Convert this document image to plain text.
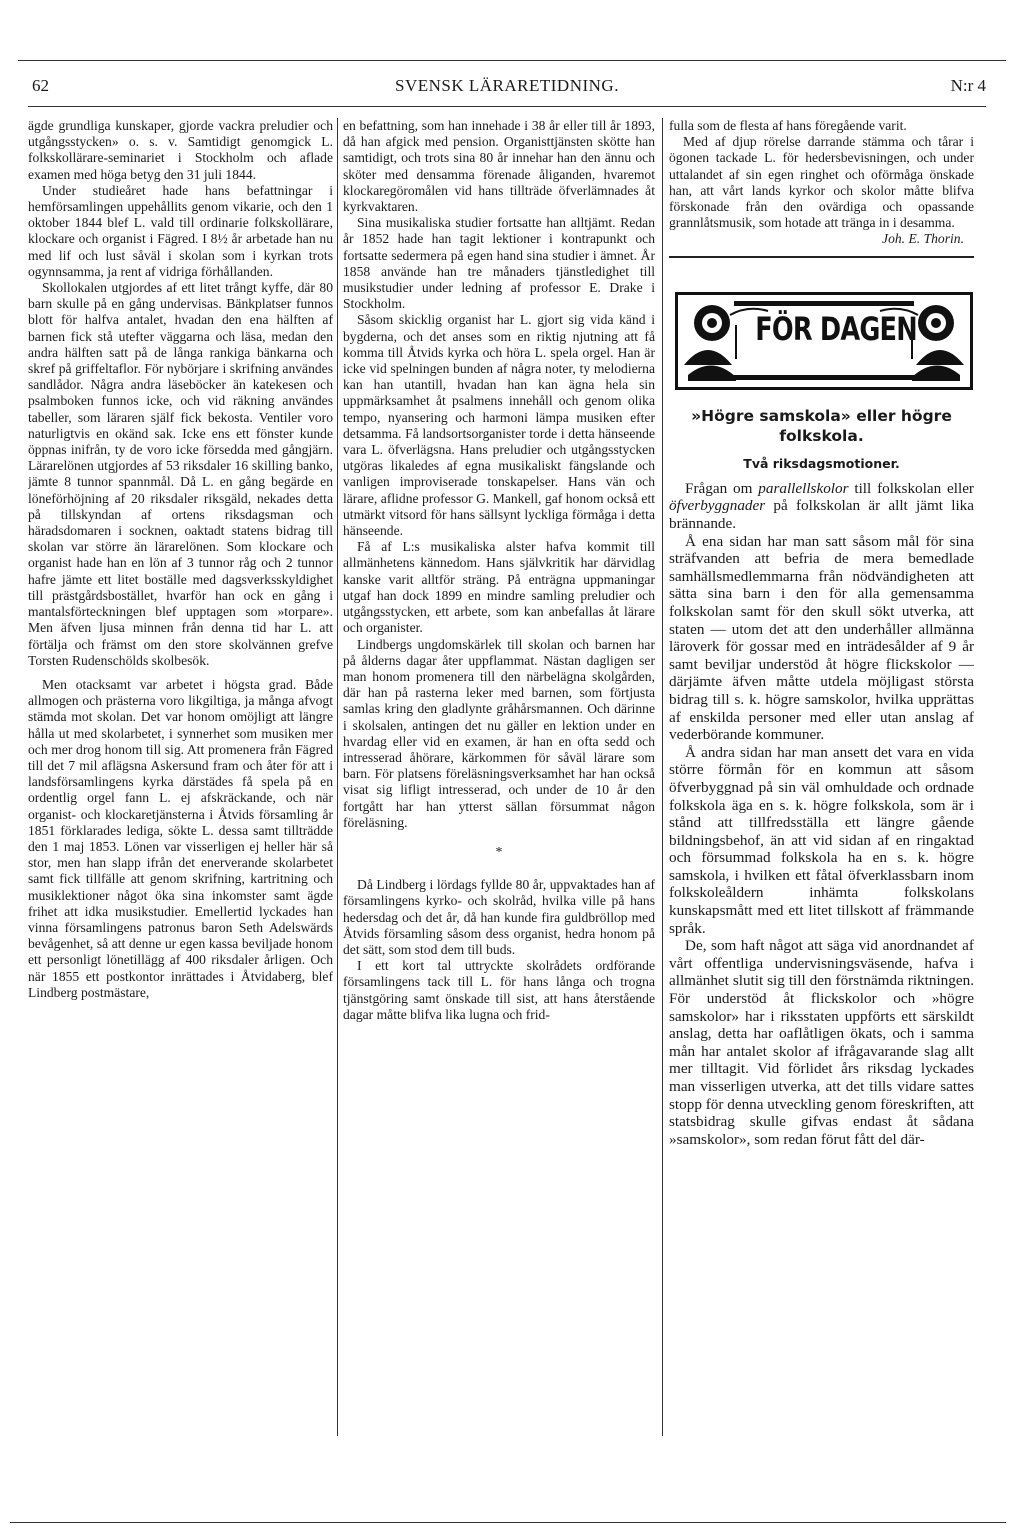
62	SVENSK LÄRARETIDNING.	N:r 4

ägde grundliga kunskaper, gjorde vackra preludier och utgångsstycken» o. s. v. Samtidigt genomgick L. folkskollärare-seminariet i Stockholm och aflade examen med höga betyg den 31 juli 1844.

Under studieåret hade hans befattningar i hemförsamlingen uppehållits genom vikarie, och den 1 oktober 1844 blef L. vald till ordinarie folkskollärare, klockare och organist i Fägred. I 8½ år arbetade han nu med lif och lust såväl i skolan som i kyrkan trots ogynnsamma, ja rent af vidriga förhållanden.

Skollokalen utgjordes af ett litet trångt kyffe, där 80 barn skulle på en gång undervisas. Bänkplatser funnos blott för halfva antalet, hvadan den ena hälften af barnen fick stå utefter väggarna och läsa, medan den andra hälften satt på de långa rankiga bänkarna och skref på griffeltaflor. För nybörjare i skrifning användes sandlådor. Några andra läseböcker än katekesen och psalmboken funnos icke, och vid räkning användes tabeller, som läraren själf fick bekosta. Ventiler voro naturligtvis en okänd sak. Icke ens ett fönster kunde öppnas inifrån, ty de voro icke försedda med gångjärn. Lärarelönen utgjordes af 53 riksdaler 16 skilling banko, jämte 8 tunnor spannmål. Då L. en gång begärde en löneförhöjning af 20 riksdaler riksgäld, nekades detta på tillskyndan af ortens riksdagsman och häradsdomaren i socknen, oaktadt statens bidrag till skolan var större än lärarelönen. Som klockare och organist hade han en lön af 3 tunnor råg och 2 tunnor hafre jämte ett litet boställe med dagsverksskyldighet till prästgårdsbostället, hvarför han ock en gång i mantalsförteckningen blef upptagen som »torpare». Men äfven ljusa minnen från denna tid har L. att förtälja och främst om den store skolvännen grefve Torsten Rudenschölds skolbesök.

Men otacksamt var arbetet i högsta grad. Både allmogen och prästerna voro likgiltiga, ja många afvogt stämda mot skolan. Det var honom omöjligt att längre hålla ut med skolarbetet, i synnerhet som musiken mer och mer drog honom till sig. Att promenera från Fägred till det 7 mil aflägsna Askersund fram och åter för att i landsförsamlingens kyrka därstädes få spela på en ordentlig orgel fann L. ej afskräckande, och när organist- och klockaretjänsterna i Åtvids församling år 1851 förklarades lediga, sökte L. dessa samt tillträdde den 1 maj 1853. Lönen var visserligen ej heller här så stor, men han slapp ifrån det enerverande skolarbetet samt fick tillfälle att genom skrifning, kartritning och musiklektioner något öka sina inkomster samt ägde frihet att idka musikstudier. Emellertid lyckades han vinna församlingens patronus baron Seth Adelswärds bevågenhet, så att denne ur egen kassa beviljade honom ett personligt lönetillägg af 400 riksdaler årligen. Och när 1855 ett postkontor inrättades i Åtvidaberg, blef Lindberg postmästare,

en befattning, som han innehade i 38 år eller till år 1893, då han afgick med pension. Organisttjänsten skötte han samtidigt, och trots sina 80 år innehar han den ännu och sköter med densamma förenade åliganden, hvaremot klockaregöromålen vid hans tillträde öfverlämnades åt kyrkvaktaren.

Sina musikaliska studier fortsatte han alltjämt. Redan år 1852 hade han tagit lektioner i kontrapunkt och fortsatte sedermera på egen hand sina studier i ämnet. År 1858 använde han tre månaders tjänstledighet till musikstudier under ledning af professor E. Drake i Stockholm.

Såsom skicklig organist har L. gjort sig vida känd i bygderna, och det anses som en riktig njutning att få komma till Åtvids kyrka och höra L. spela orgel. Han är icke vid spelningen bunden af några noter, ty melodierna kan han utantill, hvadan han kan ägna hela sin uppmärksamhet åt psalmens innehåll och genom olika tempo, nyansering och harmoni lämpa musiken efter detsamma. Få landsortsorganister torde i detta hänseende vara L. öfverlägsna. Hans preludier och utgångsstycken utgöras likaledes af egna musikaliskt fängslande och vanligen improviserade tonskapelser. Hans vän och lärare, aflidne professor G. Mankell, gaf honom också ett utmärkt vitsord för hans sällsynt lyckliga förmåga i detta hänseende.

Få af L:s musikaliska alster hafva kommit till allmänhetens kännedom. Hans självkritik har därvidlag kanske varit alltför sträng. På enträgna uppmaningar utgaf han dock 1899 en mindre samling preludier och utgångsstycken, ett arbete, som kan anbefallas åt lärare och organister.

Lindbergs ungdomskärlek till skolan och barnen har på ålderns dagar åter uppflammat. Nästan dagligen ser man honom promenera till den närbelägna skolgården, där han på rasterna leker med barnen, som förtjusta samlas kring den gladlynte gråhårsmannen. Och därinne i skolsalen, antingen det nu gäller en lektion under en hvardag eller vid en examen, är han en ofta sedd och intresserad åhörare, kärkommen för såväl lärare som barn. För platsens föreläsningsverksamhet har han också visat sig lifligt intresserad, och under de 10 år den fortgått har han ytterst sällan försummat någon föreläsning.

*

Då Lindberg i lördags fyllde 80 år, uppvaktades han af församlingens kyrko- och skolråd, hvilka ville på hans hedersdag och det år, då han kunde fira guldbröllop med Åtvids församling såsom dess organist, hedra honom på det sätt, som stod dem till buds.

I ett kort tal uttryckte skolrådets ordförande församlingens tack till L. för hans långa och trogna tjänstgöring samt önskade till sist, att hans återstående dagar måtte blifva lika lugna och frid-

fulla som de flesta af hans föregående varit.

Med af djup rörelse darrande stämma och tårar i ögonen tackade L. för hedersbevisningen, och under uttalandet af sin egen ringhet och oförmåga önskade han, att vårt lands kyrkor och skolor måtte blifva förskonade från den ovärdiga och opassande grannlåtsmusik, som hotade att tränga in i desamma.

Joh. E. Thorin.

FÖR DAGEN
»Högre samskola» eller högre folkskola.
Två riksdagsmotioner.

Frågan om parallellskolor till folkskolan eller öfverbyggnader på folkskolan är allt jämt lika brännande.

Å ena sidan har man satt såsom mål för sina sträfvanden att befria de mera bemedlade samhällsmedlemmarna från nödvändigheten att sätta sina barn i den för alla gemensamma folkskolan samt för den skull sökt utverka, att staten — utom det att den underhåller allmänna läroverk för gossar med en inträdesålder af 9 år samt beviljar understöd åt högre flickskolor — därjämte äfven måtte utdela möjligast största bidrag till s. k. högre samskolor, hvilka upprättas af enskilda personer med eller utan anslag af vederbörande kommuner.

Å andra sidan har man ansett det vara en vida större förmån för en kommun att såsom öfverbyggnad på sin väl omhuldade och ordnade folkskola äga en s. k. högre folkskola, som är i stånd att tillfredsställa ett längre gående bildningsbehof, än att vid sidan af en ringaktad och försummad folkskola ha en s. k. högre samskola, i hvilken ett fåtal öfverklassbarn inom folkskoleåldern inhämta folkskolans kunskapsmått med ett litet tillskott af främmande språk.

De, som haft något att säga vid anordnandet af vårt offentliga undervisningsväsende, hafva i allmänhet slutit sig till den förstnämda riktningen. För understöd åt flickskolor och »högre samskolor» har i riksstaten uppförts ett särskildt anslag, detta har oaflåtligen ökats, och i samma mån har antalet skolor af ifrågavarande slag allt mer tilltagit. Vid förlidet års riksdag lyckades man visserligen utverka, att det tills vidare sattes stopp för denna utveckling genom föreskriften, att statsbidrag skulle gifvas endast åt sådana »samskolor», som redan förut fått del där-
